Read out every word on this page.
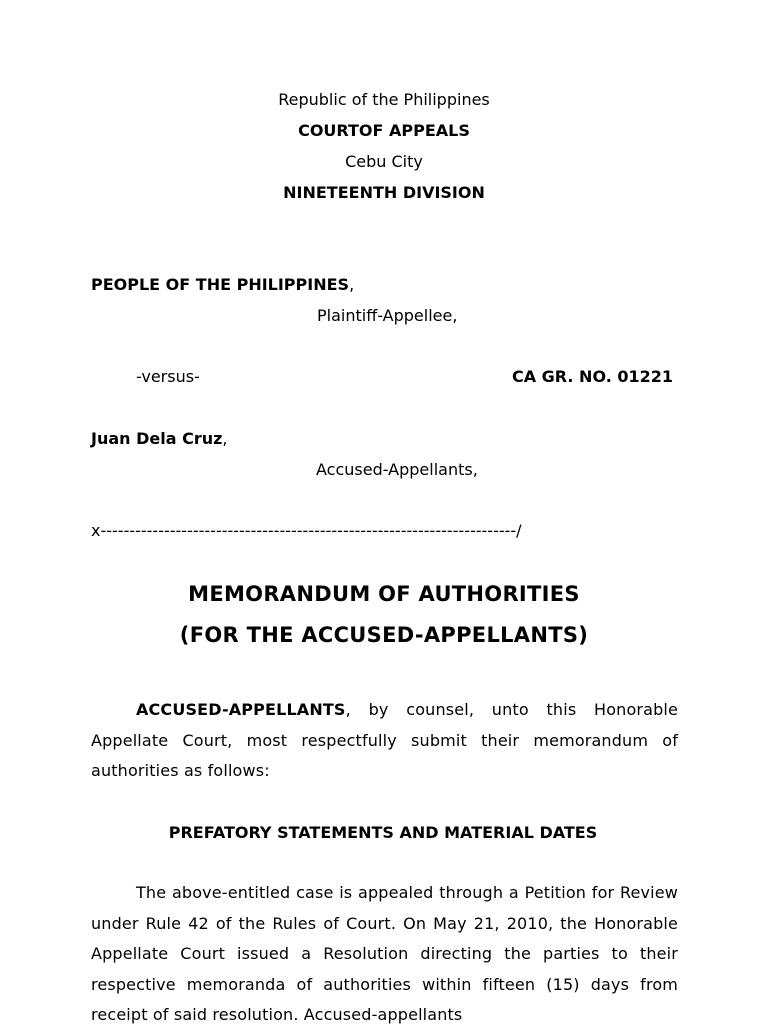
Republic of the Philippines
COURTOF APPEALS
Cebu City
NINETEENTH DIVISION
PEOPLE OF THE PHILIPPINES,
Plaintiff-Appellee,
-versus-	CA GR. NO. 01221
Juan Dela Cruz,
Accused-Appellants,
x------------------------------------------------------------------------/
MEMORANDUM OF AUTHORITIES
(FOR THE ACCUSED-APPELLANTS)
ACCUSED-APPELLANTS, by counsel, unto this Honorable Appellate Court, most respectfully submit their memorandum of authorities as follows:
PREFATORY STATEMENTS AND MATERIAL DATES
The above-entitled case is appealed through a Petition for Review under Rule 42 of the Rules of Court. On May 21, 2010, the Honorable Appellate Court issued a Resolution directing the parties to their respective memoranda of authorities within fifteen (15) days from receipt of said resolution. Accused-appellants
